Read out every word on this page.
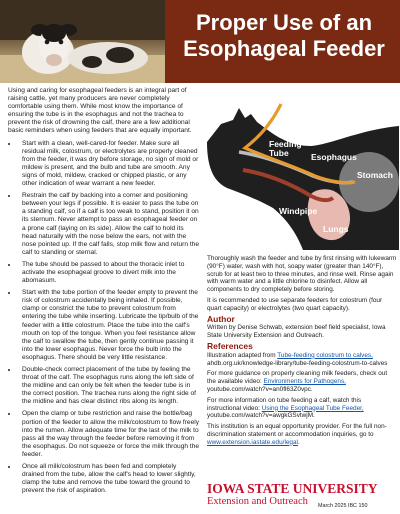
Proper Use of an
Esophageal Feeder

Using and caring for esophageal feeders is an integral part of raising cattle, yet many producers are never completely comfortable using them. While most know the importance of ensuring the tube is in the esophagus and not the trachea to prevent the risk of drowning the calf, there are a few additional basic reminders when using feeders that are equally important.

• Start with a clean, well-cared-for feeder. Make sure all residual milk, colostrum, or electrolytes are properly cleaned from the feeder, it was dry before storage, no sign of mold or mildew is present, and the bulb and tube are smooth. Any signs of mold, mildew, cracked or chipped plastic, or any other indication of wear warrant a new feeder.
• Restrain the calf by backing into a corner and positioning between your legs if possible. It is easier to pass the tube on a standing calf, so if a calf is too weak to stand, position it on its sternum. Never attempt to pass an esophageal feeder on a prone calf (laying on its side). Allow the calf to hold its head naturally with the nose below the ears, not with the nose pointed up. If the calf falls, stop milk flow and return the calf to standing or sternal.
• The tube should be passed to about the thoracic inlet to activate the esophageal groove to divert milk into the abomasum.
• Start with the tube portion of the feeder empty to prevent the risk of colostrum accidentally being inhaled. If possible, clamp or constrict the tube to prevent colostrum from entering the tube while inserting. Lubricate the tip/bulb of the feeder with a little colostrum. Place the tube into the calf's mouth on top of the tongue. When you feel resistance allow the calf to swallow the tube, then gently continue passing it into the lower esophagus. Never force the bulb into the esophagus. There should be very little resistance.
• Double-check correct placement of the tube by feeling the throat of the calf. The esophagus runs along the left side of the midline and can only be felt when the feeder tube is in the correct position. The trachea runs along the right side of the midline and has clear distinct ribs along its length.
• Open the clamp or tube restriction and raise the bottle/bag portion of the feeder to allow the milk/colostrum to flow freely into the rumen. Allow adequate time for the last of the milk to pass all the way through the feeder before removing it from the esophagus. Do not squeeze or force the milk through the feeder.
• Once all milk/colostrum has been fed and completely drained from the tube, allow the calf's head to lower slightly, clamp the tube and remove the tube toward the ground to prevent the risk of aspiration.
Feeding
Tube	Esophagus
Stomach
Windpipe
Lungs

Thoroughly wash the feeder and tube by first rinsing with lukewarm (90°F) water, wash with hot, soapy water (greater than 140°F), scrub for at least two to three minutes, and rinse well. Rinse again with warm water and a little chlorine to disinfect. Allow all components to dry completely before storing.

It is recommended to use separate feeders for colostrum (four quart capacity) or electrolytes (two quart capacity).

Author

Written by Denise Schwab, extension beef field specialist, Iowa State University Extension and Outreach.

References

Illustration adapted from Tube-feeding colostrum to calves, ahdb.org.uk/knowledge-library/tube-feeding-colostrum-to-calves

For more guidance on properly cleaning milk feeders, check out the available video: Environments for Pathogens, youtube.com/watch?v=an0fl63Z0vpc.

For more information on tube feeding a calf, watch this instructional video: Using the Esophageal Tube Feeder, youtube.com/watch?v=awgkGSvtwjM.

This institution is an equal opportunity provider. For the full non-discrimination statement or accommodation inquiries, go to www.extension.iastate.edu/legal.

IOWA STATE UNIVERSITY
Extension and Outreach March 2025 IBC 150
